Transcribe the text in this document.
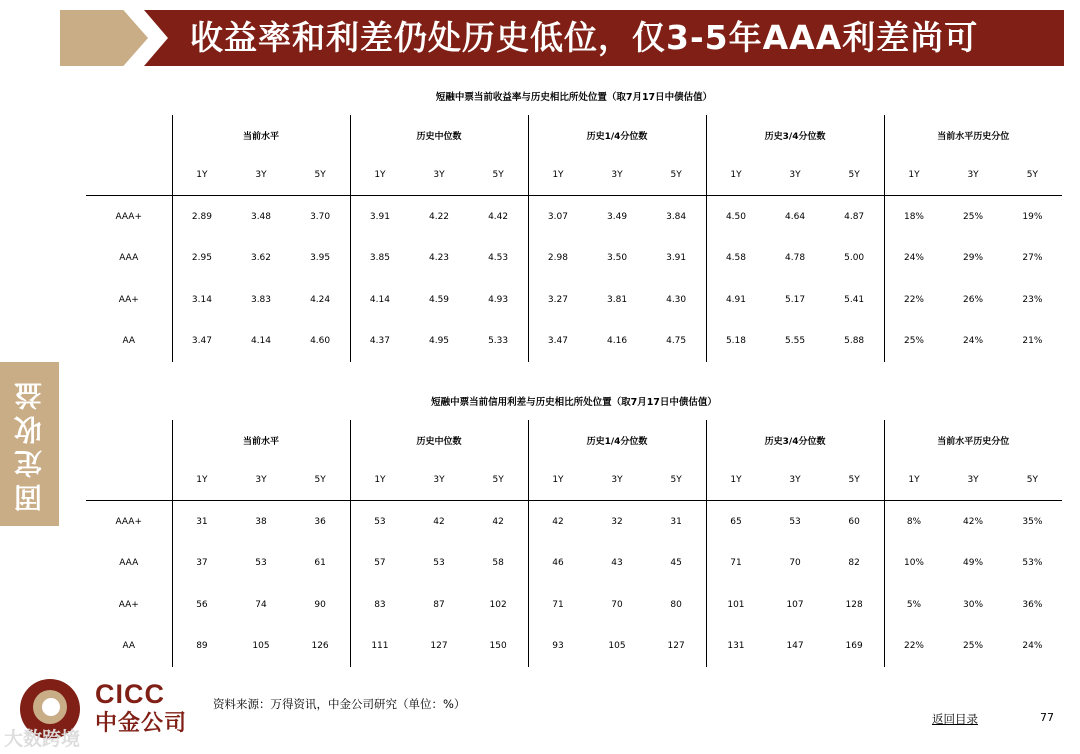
收益率和利差仍处历史低位，仅3-5年AAA利差尚可
固定收益
短融中票当前收益率与历史相比所处位置（取7月17日中债估值）
	当前水平			历史中位数			历史1/4分位数			历史3/4分位数			当前水平历史分位		
	1Y	3Y	5Y	1Y	3Y	5Y	1Y	3Y	5Y	1Y	3Y	5Y	1Y	3Y	5Y
AAA+	2.89	3.48	3.70	3.91	4.22	4.42	3.07	3.49	3.84	4.50	4.64	4.87	18%	25%	19%
AAA	2.95	3.62	3.95	3.85	4.23	4.53	2.98	3.50	3.91	4.58	4.78	5.00	24%	29%	27%
AA+	3.14	3.83	4.24	4.14	4.59	4.93	3.27	3.81	4.30	4.91	5.17	5.41	22%	26%	23%
AA	3.47	4.14	4.60	4.37	4.95	5.33	3.47	4.16	4.75	5.18	5.55	5.88	25%	24%	21%
短融中票当前信用利差与历史相比所处位置（取7月17日中债估值）
	当前水平			历史中位数			历史1/4分位数			历史3/4分位数			当前水平历史分位		
	1Y	3Y	5Y	1Y	3Y	5Y	1Y	3Y	5Y	1Y	3Y	5Y	1Y	3Y	5Y
AAA+	31	38	36	53	42	42	42	32	31	65	53	60	8%	42%	35%
AAA	37	53	61	57	53	58	46	43	45	71	70	82	10%	49%	53%
AA+	56	74	90	83	87	102	71	70	80	101	107	128	5%	30%	36%
AA	89	105	126	111	127	150	93	105	127	131	147	169	22%	25%	24%
CICC
中金公司
资料来源：万得资讯，中金公司研究（单位：%）
返回目录	77
大数跨境
